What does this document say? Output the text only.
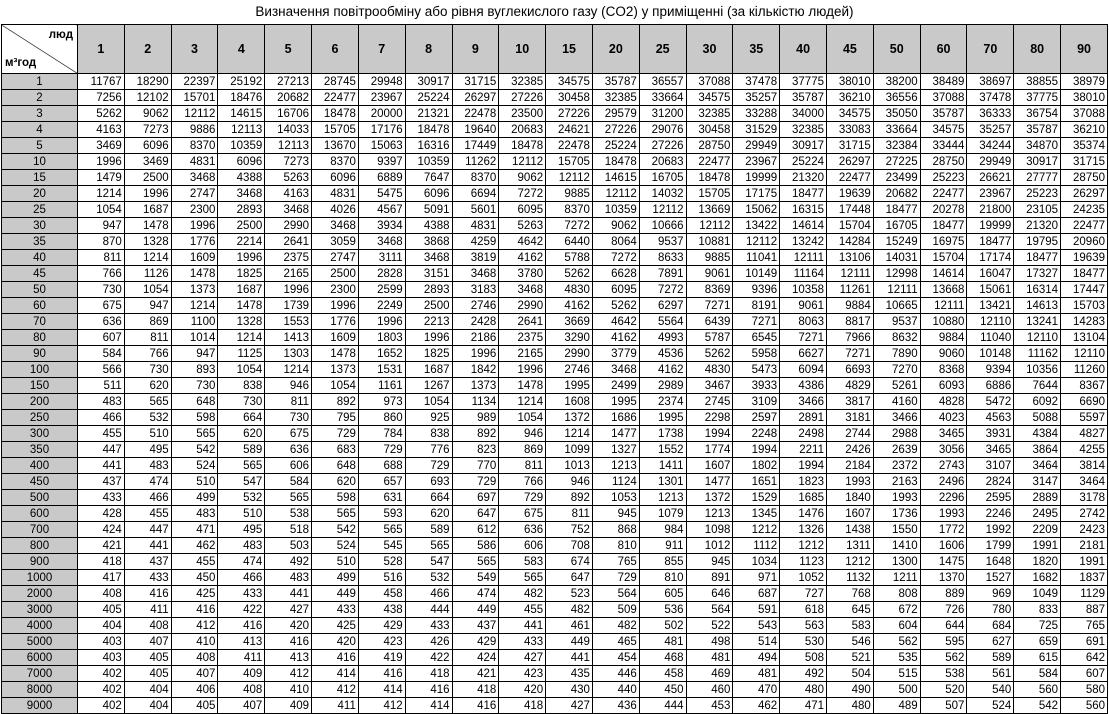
Визначення повітрообміну або рівня вуглекислого газу (CO2) у приміщенні (за кількістю людей)
люд
м³год	1	2	3	4	5	6	7	8	9	10	15	20	25	30	35	40	45	50	60	70	80	90
1	11767	18290	22397	25192	27213	28745	29948	30917	31715	32385	34575	35787	36557	37088	37478	37775	38010	38200	38489	38697	38855	38979
2	7256	12102	15701	18476	20682	22477	23967	25224	26297	27226	30458	32385	33664	34575	35257	35787	36210	36556	37088	37478	37775	38010
3	5262	9062	12112	14615	16706	18478	20000	21321	22478	23500	27226	29579	31200	32385	33288	34000	34575	35050	35787	36333	36754	37088
4	4163	7273	9886	12113	14033	15705	17176	18478	19640	20683	24621	27226	29076	30458	31529	32385	33083	33664	34575	35257	35787	36210
5	3469	6096	8370	10359	12113	13670	15063	16316	17449	18478	22478	25224	27226	28750	29949	30917	31715	32384	33444	34244	34870	35374
10	1996	3469	4831	6096	7273	8370	9397	10359	11262	12112	15705	18478	20683	22477	23967	25224	26297	27225	28750	29949	30917	31715
15	1479	2500	3468	4388	5263	6096	6889	7647	8370	9062	12112	14615	16705	18478	19999	21320	22477	23499	25223	26621	27777	28750
20	1214	1996	2747	3468	4163	4831	5475	6096	6694	7272	9885	12112	14032	15705	17175	18477	19639	20682	22477	23967	25223	26297
25	1054	1687	2300	2893	3468	4026	4567	5091	5601	6095	8370	10359	12112	13669	15062	16315	17448	18477	20278	21800	23105	24235
30	947	1478	1996	2500	2990	3468	3934	4388	4831	5263	7272	9062	10666	12112	13422	14614	15704	16705	18477	19999	21320	22477
35	870	1328	1776	2214	2641	3059	3468	3868	4259	4642	6440	8064	9537	10881	12112	13242	14284	15249	16975	18477	19795	20960
40	811	1214	1609	1996	2375	2747	3111	3468	3819	4162	5788	7272	8633	9885	11041	12111	13106	14031	15704	17174	18477	19639
45	766	1126	1478	1825	2165	2500	2828	3151	3468	3780	5262	6628	7891	9061	10149	11164	12111	12998	14614	16047	17327	18477
50	730	1054	1373	1687	1996	2300	2599	2893	3183	3468	4830	6095	7272	8369	9396	10358	11261	12111	13668	15061	16314	17447
60	675	947	1214	1478	1739	1996	2249	2500	2746	2990	4162	5262	6297	7271	8191	9061	9884	10665	12111	13421	14613	15703
70	636	869	1100	1328	1553	1776	1996	2213	2428	2641	3669	4642	5564	6439	7271	8063	8817	9537	10880	12110	13241	14283
80	607	811	1014	1214	1413	1609	1803	1996	2186	2375	3290	4162	4993	5787	6545	7271	7966	8632	9884	11040	12110	13104
90	584	766	947	1125	1303	1478	1652	1825	1996	2165	2990	3779	4536	5262	5958	6627	7271	7890	9060	10148	11162	12110
100	566	730	893	1054	1214	1373	1531	1687	1842	1996	2746	3468	4162	4830	5473	6094	6693	7270	8368	9394	10356	11260
150	511	620	730	838	946	1054	1161	1267	1373	1478	1995	2499	2989	3467	3933	4386	4829	5261	6093	6886	7644	8367
200	483	565	648	730	811	892	973	1054	1134	1214	1608	1995	2374	2745	3109	3466	3817	4160	4828	5472	6092	6690
250	466	532	598	664	730	795	860	925	989	1054	1372	1686	1995	2298	2597	2891	3181	3466	4023	4563	5088	5597
300	455	510	565	620	675	729	784	838	892	946	1214	1477	1738	1994	2248	2498	2744	2988	3465	3931	4384	4827
350	447	495	542	589	636	683	729	776	823	869	1099	1327	1552	1774	1994	2211	2426	2639	3056	3465	3864	4255
400	441	483	524	565	606	648	688	729	770	811	1013	1213	1411	1607	1802	1994	2184	2372	2743	3107	3464	3814
450	437	474	510	547	584	620	657	693	729	766	946	1124	1301	1477	1651	1823	1993	2163	2496	2824	3147	3464
500	433	466	499	532	565	598	631	664	697	729	892	1053	1213	1372	1529	1685	1840	1993	2296	2595	2889	3178
600	428	455	483	510	538	565	593	620	647	675	811	945	1079	1213	1345	1476	1607	1736	1993	2246	2495	2742
700	424	447	471	495	518	542	565	589	612	636	752	868	984	1098	1212	1326	1438	1550	1772	1992	2209	2423
800	421	441	462	483	503	524	545	565	586	606	708	810	911	1012	1112	1212	1311	1410	1606	1799	1991	2181
900	418	437	455	474	492	510	528	547	565	583	674	765	855	945	1034	1123	1212	1300	1475	1648	1820	1991
1000	417	433	450	466	483	499	516	532	549	565	647	729	810	891	971	1052	1132	1211	1370	1527	1682	1837
2000	408	416	425	433	441	449	458	466	474	482	523	564	605	646	687	727	768	808	889	969	1049	1129
3000	405	411	416	422	427	433	438	444	449	455	482	509	536	564	591	618	645	672	726	780	833	887
4000	404	408	412	416	420	425	429	433	437	441	461	482	502	522	543	563	583	604	644	684	725	765
5000	403	407	410	413	416	420	423	426	429	433	449	465	481	498	514	530	546	562	595	627	659	691
6000	403	405	408	411	413	416	419	422	424	427	441	454	468	481	494	508	521	535	562	589	615	642
7000	402	405	407	409	412	414	416	418	421	423	435	446	458	469	481	492	504	515	538	561	584	607
8000	402	404	406	408	410	412	414	416	418	420	430	440	450	460	470	480	490	500	520	540	560	580
9000	402	404	405	407	409	411	412	414	416	418	427	436	444	453	462	471	480	489	507	524	542	560
